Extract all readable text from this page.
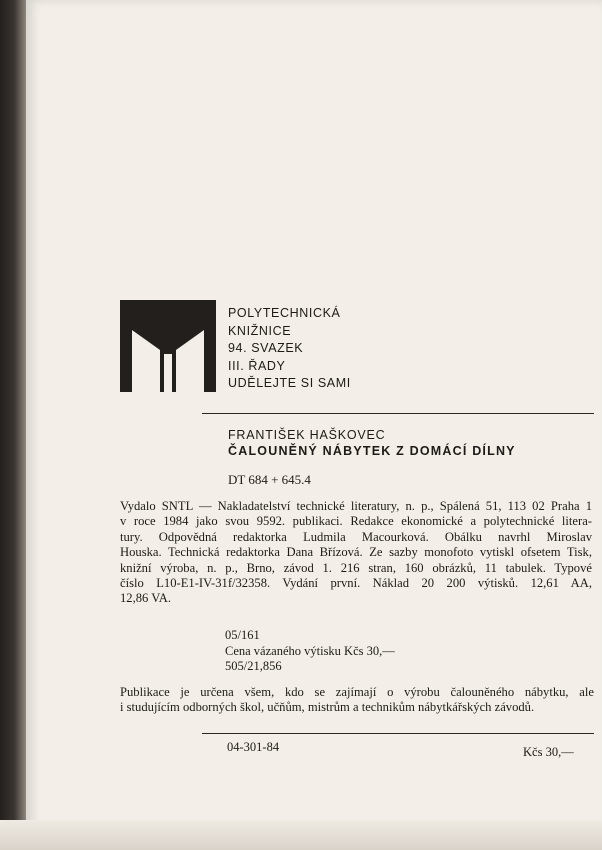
POLYTECHNICKÁ
KNIŽNICE
94. SVAZEK
III. ŘADY
UDĚLEJTE SI SAMI
FRANTIŠEK HAŠKOVEC
ČALOUNĚNÝ NÁBYTEK Z DOMÁCÍ DÍLNY
DT 684 + 645.4
Vydalo SNTL — Nakladatelství technické literatury, n. p., Spálená 51, 113 02 Praha 1
v roce 1984 jako svou 9592. publikaci. Redakce ekonomické a polytechnické litera-
tury. Odpovědná redaktorka Ludmila Macourková. Obálku navrhl Miroslav
Houska. Technická redaktorka Dana Břízová. Ze sazby monofoto vytiskl ofsetem Tisk,
knižní výroba, n. p., Brno, závod 1. 216 stran, 160 obrázků, 11 tabulek. Typové
číslo L10-E1-IV-31f/32358. Vydání první. Náklad 20 200 výtisků. 12,61 AA,
12,86 VA.
05/161
Cena vázaného výtisku Kčs 30,—
505/21,856
Publikace je určena všem, kdo se zajímají o výrobu čalouněného nábytku, ale
i studujícím odborných škol, učňům, mistrům a technikům nábytkářských závodů.
04-301-84	Kčs 30,—
